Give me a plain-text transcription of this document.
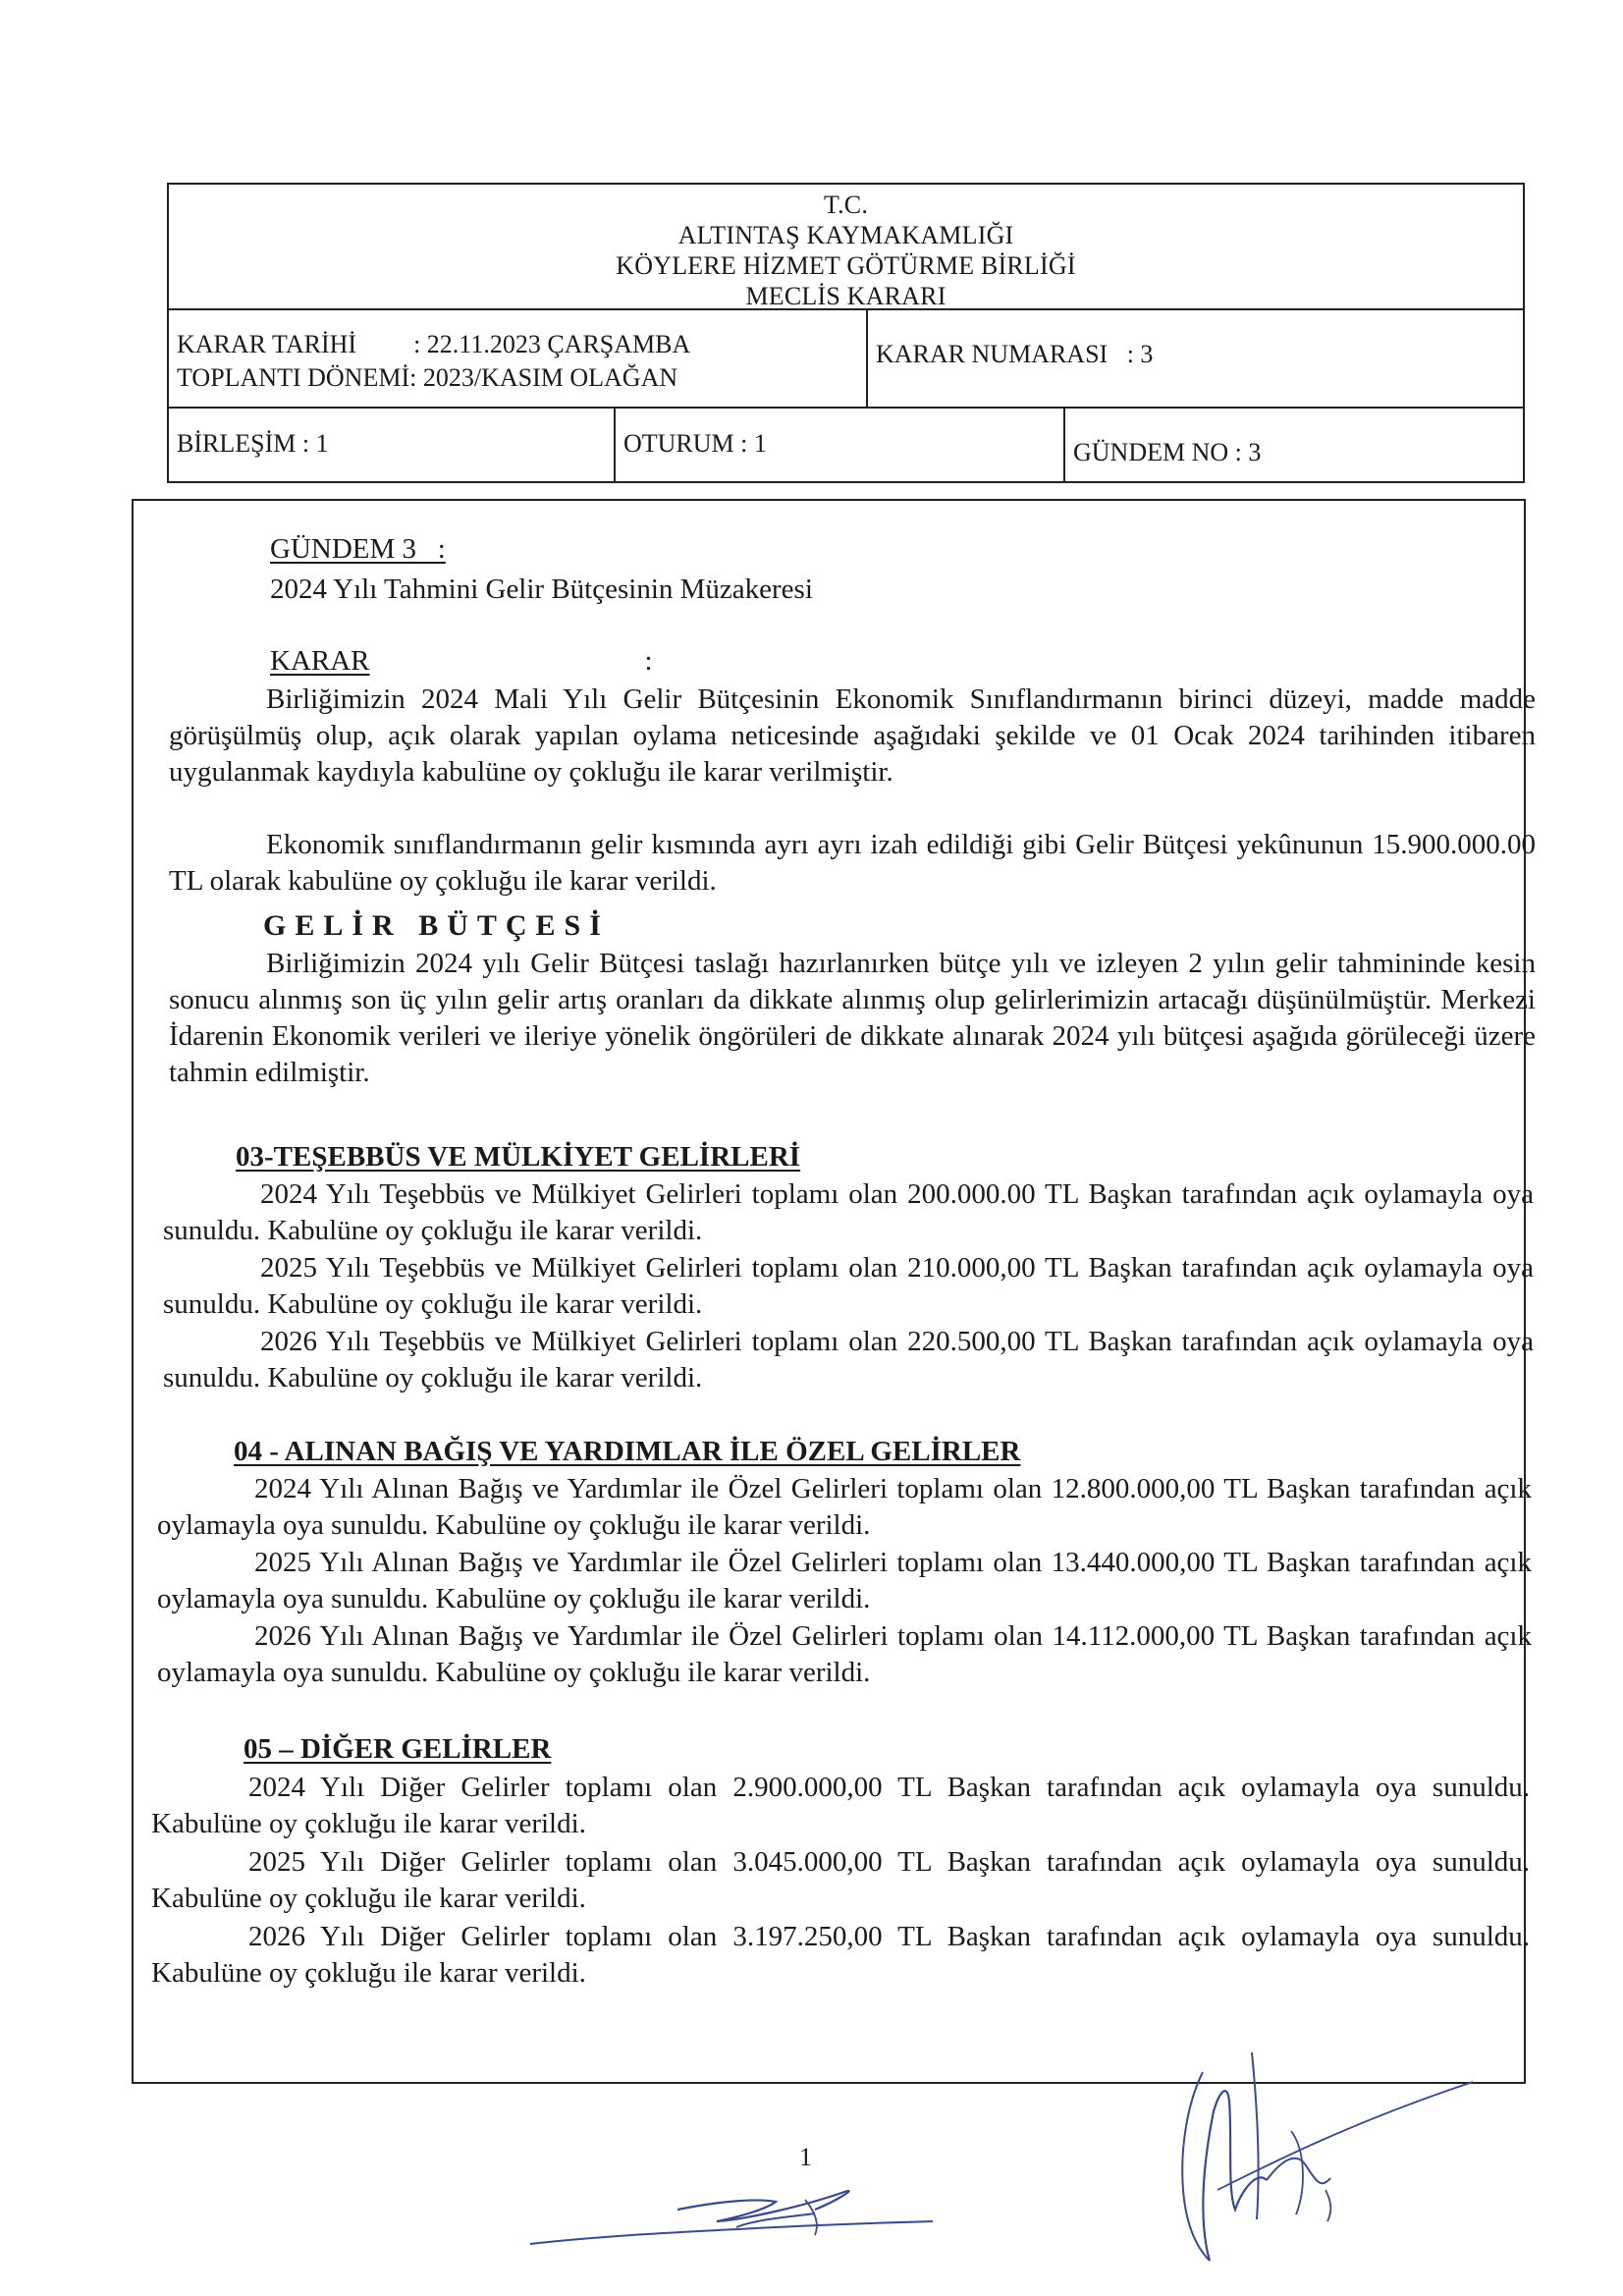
T.C.
ALTINTAŞ KAYMAKAMLIĞI
KÖYLERE HİZMET GÖTÜRME BİRLİĞİ
MECLİS KARARI
KARAR TARİHİ : 22.11.2023 ÇARŞAMBA
TOPLANTI DÖNEMİ: 2023/KASIM OLAĞAN
KARAR NUMARASI   : 3
BİRLEŞİM : 1	OTURUM : 1	GÜNDEM NO : 3
GÜNDEM 3   :
2024 Yılı Tahmini Gelir Bütçesinin Müzakeresi
KARAR	:
Birliğimizin 2024 Mali Yılı Gelir Bütçesinin Ekonomik Sınıflandırmanın birinci düzeyi, madde madde görüşülmüş olup, açık olarak yapılan oylama neticesinde aşağıdaki şekilde ve 01 Ocak 2024 tarihinden itibaren uygulanmak kaydıyla kabulüne oy çokluğu ile karar verilmiştir.
Ekonomik sınıflandırmanın gelir kısmında ayrı ayrı izah edildiği gibi Gelir Bütçesi yekûnunun 15.900.000.00 TL olarak kabulüne oy çokluğu ile karar verildi.
GELİR BÜTÇESİ
Birliğimizin 2024 yılı Gelir Bütçesi taslağı hazırlanırken bütçe yılı ve izleyen 2 yılın gelir tahmininde kesin sonucu alınmış son üç yılın gelir artış oranları da dikkate alınmış olup gelirlerimizin artacağı düşünülmüştür. Merkezi İdarenin Ekonomik verileri ve ileriye yönelik öngörüleri de dikkate alınarak 2024 yılı bütçesi aşağıda görüleceği üzere tahmin edilmiştir.
03-TEŞEBBÜS VE MÜLKİYET GELİRLERİ
2024 Yılı Teşebbüs ve Mülkiyet Gelirleri toplamı olan 200.000.00 TL Başkan tarafından açık oylamayla oya sunuldu. Kabulüne oy çokluğu ile karar verildi.
2025 Yılı Teşebbüs ve Mülkiyet Gelirleri toplamı olan 210.000,00 TL Başkan tarafından açık oylamayla oya sunuldu. Kabulüne oy çokluğu ile karar verildi.
2026 Yılı Teşebbüs ve Mülkiyet Gelirleri toplamı olan 220.500,00 TL Başkan tarafından açık oylamayla oya sunuldu. Kabulüne oy çokluğu ile karar verildi.
04 - ALINAN BAĞIŞ VE YARDIMLAR İLE ÖZEL GELİRLER
2024 Yılı Alınan Bağış ve Yardımlar ile Özel Gelirleri toplamı olan 12.800.000,00 TL Başkan tarafından açık oylamayla oya sunuldu. Kabulüne oy çokluğu ile karar verildi.
2025 Yılı Alınan Bağış ve Yardımlar ile Özel Gelirleri toplamı olan 13.440.000,00 TL Başkan tarafından açık oylamayla oya sunuldu. Kabulüne oy çokluğu ile karar verildi.
2026 Yılı Alınan Bağış ve Yardımlar ile Özel Gelirleri toplamı olan 14.112.000,00 TL Başkan tarafından açık oylamayla oya sunuldu. Kabulüne oy çokluğu ile karar verildi.
05 – DİĞER GELİRLER
2024 Yılı Diğer Gelirler toplamı olan 2.900.000,00 TL Başkan tarafından açık oylamayla oya sunuldu. Kabulüne oy çokluğu ile karar verildi.
2025 Yılı Diğer Gelirler toplamı olan 3.045.000,00 TL Başkan tarafından açık oylamayla oya sunuldu. Kabulüne oy çokluğu ile karar verildi.
2026 Yılı Diğer Gelirler toplamı olan 3.197.250,00 TL Başkan tarafından açık oylamayla oya sunuldu. Kabulüne oy çokluğu ile karar verildi.
1
